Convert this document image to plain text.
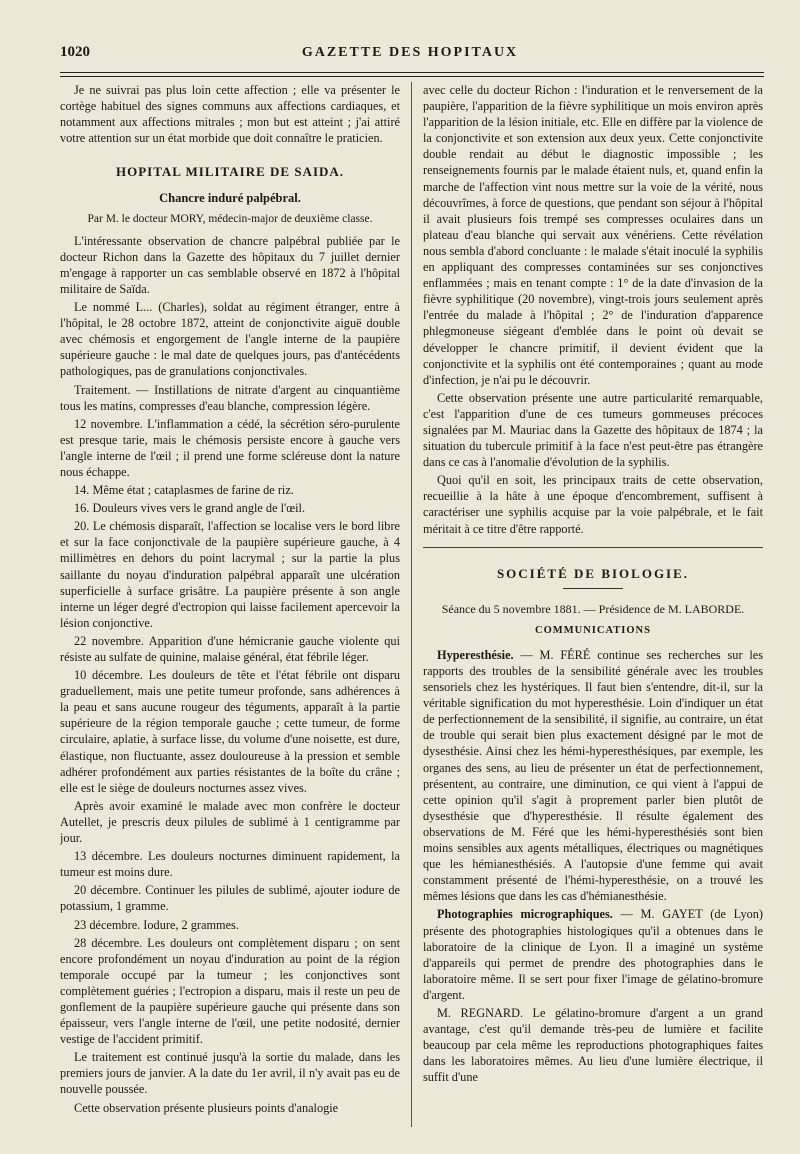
1020	GAZETTE DES HOPITAUX

Je ne suivrai pas plus loin cette affection ; elle va présenter le cortège habituel des signes communs aux affections cardiaques, et notamment aux affections mitrales ; mon but est atteint ; j'ai attiré votre attention sur un état morbide que doit connaître le praticien.

HOPITAL MILITAIRE DE SAIDA.
Chancre induré palpébral.
Par M. le docteur MORY, médecin-major de deuxième classe.

L'intéressante observation de chancre palpébral publiée par le docteur Richon dans la Gazette des hôpitaux du 7 juillet dernier m'engage à rapporter un cas semblable observé en 1872 à l'hôpital militaire de Saïda.

Le nommé L... (Charles), soldat au régiment étranger, entre à l'hôpital, le 28 octobre 1872, atteint de conjonctivite aiguë double avec chémosis et engorgement de l'angle interne de la paupière supérieure gauche : le mal date de quelques jours, pas d'antécédents pathologiques, pas de granulations conjonctivales.

Traitement. — Instillations de nitrate d'argent au cinquantième tous les matins, compresses d'eau blanche, compression légère.

12 novembre. L'inflammation a cédé, la sécrétion séro-purulente est presque tarie, mais le chémosis persiste encore à gauche vers l'angle interne de l'œil ; il prend une forme scléreuse dont la nature nous échappe.

14. Même état ; cataplasmes de farine de riz.

16. Douleurs vives vers le grand angle de l'œil.

20. Le chémosis disparaît, l'affection se localise vers le bord libre et sur la face conjonctivale de la paupière supérieure gauche, à 4 millimètres en dehors du point lacrymal ; sur la partie la plus saillante du noyau d'induration palpébral apparaît une ulcération superficielle à surface grisâtre. La paupière présente à son angle interne un léger degré d'ectropion qui laisse facilement apercevoir la lésion conjonctive.

22 novembre. Apparition d'une hémicranie gauche violente qui résiste au sulfate de quinine, malaise général, état fébrile léger.

10 décembre. Les douleurs de tête et l'état fébrile ont disparu graduellement, mais une petite tumeur profonde, sans adhérences à la peau et sans aucune rougeur des téguments, apparaît à la partie supérieure de la région temporale gauche ; cette tumeur, de forme circulaire, aplatie, à surface lisse, du volume d'une noisette, est dure, élastique, non fluctuante, assez douloureuse à la pression et semble adhérer profondément aux parties résistantes de la boîte du crâne ; elle est le siège de douleurs nocturnes assez vives.

Après avoir examiné le malade avec mon confrère le docteur Autellet, je prescris deux pilules de sublimé à 1 centigramme par jour.

13 décembre. Les douleurs nocturnes diminuent rapidement, la tumeur est moins dure.

20 décembre. Continuer les pilules de sublimé, ajouter iodure de potassium, 1 gramme.

23 décembre. Iodure, 2 grammes.

28 décembre. Les douleurs ont complètement disparu ; on sent encore profondément un noyau d'induration au point de la région temporale occupé par la tumeur ; les conjonctives sont complètement guéries ; l'ectropion a disparu, mais il reste un peu de gonflement de la paupière supérieure gauche qui présente dans son épaisseur, vers l'angle interne de l'œil, une petite nodosité, dernier vestige de l'accident primitif.

Le traitement est continué jusqu'à la sortie du malade, dans les premiers jours de janvier. A la date du 1er avril, il n'y avait pas eu de nouvelle poussée.

Cette observation présente plusieurs points d'analogie

avec celle du docteur Richon : l'induration et le renversement de la paupière, l'apparition de la fièvre syphilitique un mois environ après l'apparition de la lésion initiale, etc. Elle en diffère par la violence de la conjonctivite et son extension aux deux yeux. Cette conjonctivite double rendait au début le diagnostic impossible ; les renseignements fournis par le malade étaient nuls, et, quand enfin la marche de l'affection vint nous mettre sur la voie de la vérité, nous découvrîmes, à force de questions, que pendant son séjour à l'hôpital il avait plusieurs fois trempé ses compresses oculaires dans un plateau d'eau blanche qui servait aux vénériens. Cette révélation nous sembla d'abord concluante : le malade s'était inoculé la syphilis en appliquant des compresses contaminées sur ses conjonctives enflammées ; mais en tenant compte : 1° de la date d'invasion de la fièvre syphilitique (20 novembre), vingt-trois jours seulement après l'entrée du malade à l'hôpital ; 2° de l'induration d'apparence phlegmoneuse siégeant d'emblée dans le point où devait se développer le chancre primitif, il devient évident que la conjonctivite et la syphilis ont été contemporaines ; quant au mode d'infection, je n'ai pu le découvrir.

Cette observation présente une autre particularité remarquable, c'est l'apparition d'une de ces tumeurs gommeuses précoces signalées par M. Mauriac dans la Gazette des hôpitaux de 1874 ; la situation du tubercule primitif à la face n'est peut-être pas étrangère dans ce cas à l'anomalie d'évolution de la syphilis.

Quoi qu'il en soit, les principaux traits de cette observation, recueillie à la hâte à une époque d'encombrement, suffisent à caractériser une syphilis acquise par la voie palpébrale, et le fait méritait à ce titre d'être rapporté.

SOCIÉTÉ DE BIOLOGIE.
Séance du 5 novembre 1881. — Présidence de M. LABORDE.
COMMUNICATIONS

Hyperesthésie. — M. FÉRÉ continue ses recherches sur les rapports des troubles de la sensibilité générale avec les troubles sensoriels chez les hystériques. Il faut bien s'entendre, dit-il, sur la véritable signification du mot hyperesthésie. Loin d'indiquer un état de perfectionnement de la sensibilité, il signifie, au contraire, un état de trouble qui serait bien plus exactement désigné par le mot de dysesthésie. Ainsi chez les hémi-hyperesthésiques, par exemple, les organes des sens, au lieu de présenter un état de perfectionnement, présentent, au contraire, une diminution, ce qui vient à l'appui de cette opinion qu'il s'agit à proprement parler bien plutôt de dysesthésie que d'hyperesthésie. Il résulte également des observations de M. Féré que les hémi-hyperesthésiés sont bien moins sensibles aux agents métalliques, électriques ou magnétiques que les hémianesthésiés. A l'autopsie d'une femme qui avait constamment présenté de l'hémi-hyperesthésie, on a trouvé les mêmes lésions que dans les cas d'hémianesthésie.

Photographies micrographiques. — M. GAYET (de Lyon) présente des photographies histologiques qu'il a obtenues dans le laboratoire de la clinique de Lyon. Il a imaginé un système d'appareils qui permet de prendre des photographies dans le laboratoire même. Il se sert pour fixer l'image de gélatino-bromure d'argent.

M. REGNARD. Le gélatino-bromure d'argent a un grand avantage, c'est qu'il demande très-peu de lumière et facilite beaucoup par cela même les reproductions photographiques faites dans les laboratoires mêmes. Au lieu d'une lumière électrique, il suffit d'une
